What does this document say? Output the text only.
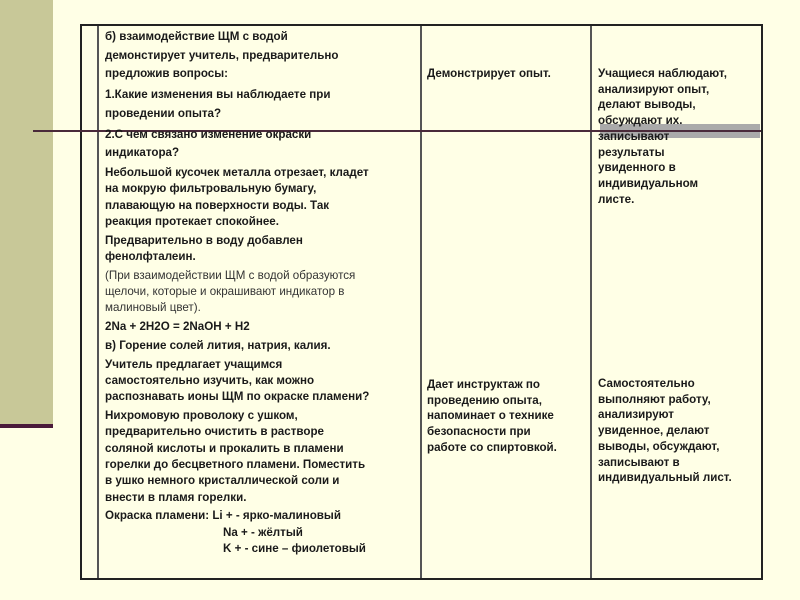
б) взаимодействие ЩМ с водой
демонстирует учитель, предварительно
предложив вопросы:
1.Какие изменения вы наблюдаете при
проведении опыта?
2.С чем связано изменение окраски
индикатора?
Небольшой кусочек металла отрезает, кладет
на мокрую фильтровальную бумагу,
плавающую на поверхности воды. Так
реакция протекает спокойнее.
Предварительно в воду добавлен
фенолфталеин.
(При взаимодействии ЩМ с водой образуются
щелочи, которые и окрашивают индикатор в
малиновый цвет).
2Na + 2H2O = 2NaOH + H2
в) Горение солей лития, натрия, калия.
Учитель предлагает учащимся
самостоятельно изучить, как можно
распознавать ионы ЩМ по окраске пламени?
Нихромовую проволоку с ушком,
предварительно очистить в растворе
соляной кислоты и прокалить в пламени
горелки до бесцветного пламени. Поместить
в ушко немного кристаллической соли и
внести в пламя горелки.
Окраска пламени: Li + - ярко-малиновый
Na + - жёлтый
K + - сине – фиолетовый
Демонстрирует опыт.
Дает инструктаж по
проведению опыта,
напоминает о технике
безопасности при
работе со спиртовкой.
Учащиеся наблюдают,
анализируют опыт,
делают выводы,
обсуждают их.
записывают
результаты
увиденного в
индивидуальном
листе.
Самостоятельно
выполняют работу,
анализируют
увиденное, делают
выводы, обсуждают,
записывают в
индивидуальный лист.
